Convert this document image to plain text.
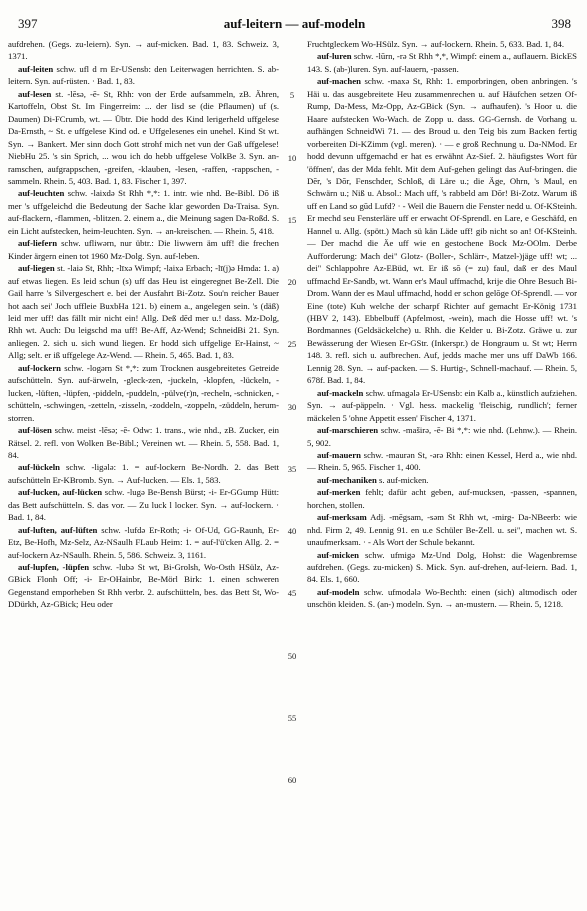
397	auf-leitern — auf-modeln	398

aufdrehen. (Gegs. zu-leiern). Syn. → auf-micken. Bad. 1, 83. Schweiz. 3, 1371.

auf-leiten schw. ufl d rn Er-USensb: den Leiterwagen herrichten. S. ab-leitern. Syn. auf-rüsten. · Bad. 1, 83.

auf-lesen st. -lēsə, -ē- St, Rhh: von der Erde aufsammeln, zB. Ähren, Kartoffeln, Obst St. Im Fingerreim: ... der lisd se (die Pflaumen) uf (s. Daumen) Di-FCrumb, wt. — Übtr. Die hodd des Kind lerigerheld uffgelese Da-Ernsth, ~ St. e uffgelese Kind od. e Uffgelesenes ein unehel. Kind St wt. Syn. → Bankert. Mer sinn doch Gott strohf mich net vun der Gaß uffgelese! NiebHu 25. 's sin Sprich, ... wou ich do hebb uffgelese VolkBe 3. Syn. an-ramschen, aufgrappschen, -greifen, -klauben, -lesen, -raffen, -rappschen, -sammeln. Rhein. 5, 403. Bad. 1, 83. Fischer 1, 397.

auf-leuchten schw. -laixdə St Rhh *,*: 1. intr. wie nhd. Be-Bibl. Dō iß mer 's uffgeleichd die Bedeutung der Sache klar geworden Da-Traisa. Syn. auf-flackern, -flammen, -blitzen. 2. einem a., die Meinung sagen Da-Roßd. S. ein Licht aufstecken, heim-leuchten. Syn. → an-kreischen. — Rhein. 5, 418.

auf-liefern schw. ufliwərn, nur übtr.: Die liwwern äm uff! die frechen Kinder ärgern einen tot 1960 Mz-Dolg. Syn. auf-leben.

auf-liegen st. -laiə St, Rhh; -līxə Wimpf; -laixə Erbach; -lī(j)ə Hmda: 1. a) auf etwas liegen. Es leid schun (s) uff das Heu ist eingeregnet Be-Zell. Die Gail harre 's Silvergeschert e. bei der Ausfahrt Bi-Zotz. Sou'n reicher Bauer hot aach sei' Joch uffleie BuxbHa 121. b) einem a., angelegen sein. 's (däß) leid mer uff! das fällt mir nicht ein! Allg. Deß dēd mer u.! dass. Mz-Dolg, Rhh wt. Auch: Du leigschd ma uff! Be-Aff, Az-Wend; SchneidBi 21. Syn. anliegen. 2. sich u. sich wund liegen. Er hodd sich uffgelige Er-Hainst, ~ Allg; selt. er iß uffgelege Az-Wend. — Rhein. 5, 465. Bad. 1, 83.

auf-lockern schw. -logərn St *,*: zum Trocknen ausgebreitetes Getreide aufschütteln. Syn. auf-ärweln, -gleck-zen, -juckeln, -klopfen, -lückeln, -lucken, -lüften, -lüpfen, -piddeln, -puddeln, -pülve(r)n, -recheln, -schnicken, -schütteln, -schwingen, -zetteln, -zisseln, -zoddeln, -zoppeln, -züddeln, herum-storren.

auf-lösen schw. meist -lēsə; -ē- Odw: 1. trans., wie nhd., zB. Zucker, ein Rätsel. 2. refl. von Wolken Be-Bibl.; Vereinen wt. — Rhein. 5, 558. Bad. 1, 84.

auf-lückeln schw. -ligələ: 1. = auf-lockern Be-Nordh. 2. das Bett aufschütteln Er-KBromb. Syn. → Auf-lucken. — Els. 1, 583.

auf-lucken, auf-lücken schw. -lugə Be-Bensh Bürst; -i- Er-GGump Hütt: das Bett aufschütteln. S. das vor. — Zu luck l locker. Syn. → auf-lockern. · Bad. 1, 84.

auf-luften, auf-lüften schw. -lufdə Er-Roth; -i- Of-Ud, GG-Raunh, Er-Etz, Be-Hofh, Mz-Selz, Az-NSaulh FLaub Heim: 1. = auf-l'ü'cken Allg. 2. = auf-lockern Az-NSaulh. Rhein. 5, 586. Schweiz. 3, 1161.

auf-lupfen, -lüpfen schw. -lubə St wt, Bi-Grolsh, Wo-Osth HSülz, Az-GBick Flonh Off; -i- Er-OHainbr, Be-Mörl Birk: 1. einen schweren Gegenstand emporheben St Rhh verbr. 2. aufschütteln, bes. das Bett St, Wo-DDürkh, Az-GBick; Heu oder

5
10
15
20
25
30
35
40
45
50
55
60

Fruchtgleckem Wo-HSülz. Syn. → auf-lockern. Rhein. 5, 633. Bad. 1, 84.

auf-luren schw. -lūrn, -rə St Rhh *,*, Wimpf: einem a., auflauern. BickES 143. S. (ab-)luren. Syn. auf-lauern, -passen.

auf-machen schw. -maxə St, Rhh: 1. emporbringen, oben anbringen. 's Häi u. das ausgebreitete Heu zusammenrechen u. auf Häufchen setzen Of-Rump, Da-Mess, Mz-Opp, Az-GBick (Syn. → aufhaufen). 's Hoor u. die Haare aufstecken Wo-Wach. de Zopp u. dass. GG-Gernsh. de Vorhang u. aufhängen SchneidWi 71. — des Broud u. den Teig bis zum Backen fertig vorbereiten Di-KZimm (vgl. meren). · — e groß Rechnung u. Da-NMod. Er hodd devunn uffgemachd er hat es erwähnt Az-Sief. 2. häufigstes Wort für 'öffnen', das der Mda fehlt. Mit dem Auf-gehen gelingt das Auf-bringen. die Dēr, 's Dōr, Fenschder, Schloß, di Läre u.; die Äge, Ohrn, 's Maul, en Schwärn u.; Niß u. Absol.: Mach uff, 's rabbeld am Dōr! Bi-Zotz. Warum iß uff en Land so gūd Lufd? · - Weil die Bauern die Fenster nedd u. Of-KSteinh. Er mechd seu Fensterläre uff er erwacht Of-Sprendl. en Lare, e Geschäfd, en Hannel u. Allg. (spött.) Mach sü kän Läde uff! gib nicht so an! Of-KSteinh. — Der machd die Äe uff wie en gestochene Bock Mz-OOlm. Derbe Aufforderung: Mach dei" Glotz- (Boller-, Schlärr-, Matzel-)jäge uff! wt; ... dei" Schlappohre Az-EBüd, wt. Er iß sō (= zu) faul, daß er des Maul uffmachd Er-Sandb, wt. Wann er's Maul uffmachd, krije die Ohre Besuch Bi-Drom. Wann der es Maul uffmachd, hodd er schon gelōge Of-Sprendl. — vor Eine (tote) Kuh welche der scharpf Richter auf gemacht Er-König 1731 (HBV 2, 143). Ebbelbuff (Apfelmost, -wein), mach die Hosse uff! wt. 's Bordmannes (Geldsäckelche) u. Rhh. die Kelder u. Bi-Zotz. Gräwe u. zur Bewässerung der Wiesen Er-GStr. (Inkerspr.) de Hongraum u. St wt; Herrn 148. 3. refl. sich u. aufbrechen. Auf, jedds mache mer uns uff DaWb 166. Lennig 28. Syn. → auf-packen. — S. Hurtig-, Schnell-machauf. — Rhein. 5, 678f. Bad. 1, 84.

auf-mackeln schw. ufmagələ Er-USensb: ein Kalb a., künstlich aufziehen. Syn. → auf-päppeln. · Vgl. hess. mackelig 'fleischig, rundlich'; ferner mäckelen 5 'ohne Appetit essen' Fischer 4, 1371.

auf-marschieren schw. -maširə, -ē- Bi *,*: wie nhd. (Lehnw.). — Rhein. 5, 902.

auf-mauern schw. -maurən St, -ərə Rhh: einen Kessel, Herd a., wie nhd. — Rhein. 5, 965. Fischer 1, 400.

auf-mechaniken s. auf-micken.

auf-merken fehlt; dafür acht geben, auf-mucksen, -passen, -spannen, horchen, stollen.

auf-merksam Adj. -mēgsam, -səm St Rhh wt, -mirg- Da-NBeerb: wie nhd. Firm 2, 49. Lennig 91. en u.e Schüler Be-Zell. u. sei", machen wt. S. unaufmerksam. · - Als Wort der Schule bekannt.

auf-micken schw. ufmigə Mz-Und Dolg, Hohst: die Wagenbremse aufdrehen. (Gegs. zu-micken) S. Mick. Syn. auf-drehen, auf-leiern. Bad. 1, 84. Els. 1, 660.

auf-modeln schw. ufmodələ Wo-Bechth: einen (sich) altmodisch oder unschön kleiden. S. (an-) modeln. Syn. → an-mustern. — Rhein. 5, 1218.
